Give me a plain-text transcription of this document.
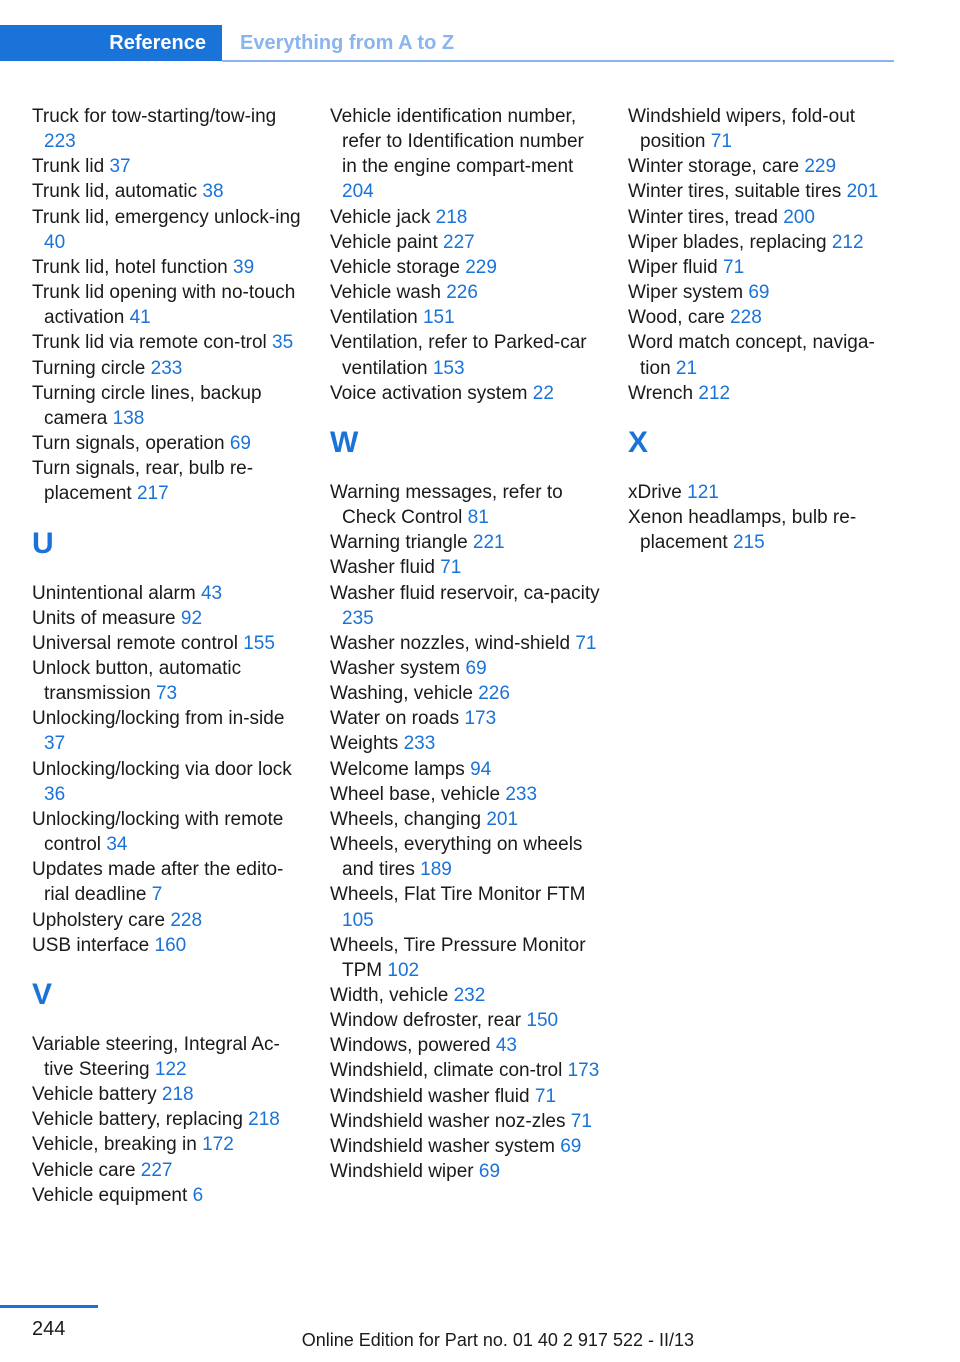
Reference	Everything from A to Z
Truck for tow-starting/tow-ing 223
Trunk lid 37
Trunk lid, automatic 38
Trunk lid, emergency unlock-ing 40
Trunk lid, hotel function 39
Trunk lid opening with no-touch activation 41
Trunk lid via remote con-trol 35
Turning circle 233
Turning circle lines, backup camera 138
Turn signals, operation 69
Turn signals, rear, bulb re-placement 217
U
Unintentional alarm 43
Units of measure 92
Universal remote control 155
Unlock button, automatic transmission 73
Unlocking/locking from in-side 37
Unlocking/locking via door lock 36
Unlocking/locking with remote control 34
Updates made after the edito-rial deadline 7
Upholstery care 228
USB interface 160
V
Variable steering, Integral Ac-tive Steering 122
Vehicle battery 218
Vehicle battery, replacing 218
Vehicle, breaking in 172
Vehicle care 227
Vehicle equipment 6
Vehicle identification number, refer to Identification number in the engine compart-ment 204
Vehicle jack 218
Vehicle paint 227
Vehicle storage 229
Vehicle wash 226
Ventilation 151
Ventilation, refer to Parked-car ventilation 153
Voice activation system 22
W
Warning messages, refer to Check Control 81
Warning triangle 221
Washer fluid 71
Washer fluid reservoir, ca-pacity 235
Washer nozzles, wind-shield 71
Washer system 69
Washing, vehicle 226
Water on roads 173
Weights 233
Welcome lamps 94
Wheel base, vehicle 233
Wheels, changing 201
Wheels, everything on wheels and tires 189
Wheels, Flat Tire Monitor FTM 105
Wheels, Tire Pressure Monitor TPM 102
Width, vehicle 232
Window defroster, rear 150
Windows, powered 43
Windshield, climate con-trol 173
Windshield washer fluid 71
Windshield washer noz-zles 71
Windshield washer system 69
Windshield wiper 69
Windshield wipers, fold-out position 71
Winter storage, care 229
Winter tires, suitable tires 201
Winter tires, tread 200
Wiper blades, replacing 212
Wiper fluid 71
Wiper system 69
Wood, care 228
Word match concept, naviga-tion 21
Wrench 212
X
xDrive 121
Xenon headlamps, bulb re-placement 215
244	Online Edition for Part no. 01 40 2 917 522 - II/13
